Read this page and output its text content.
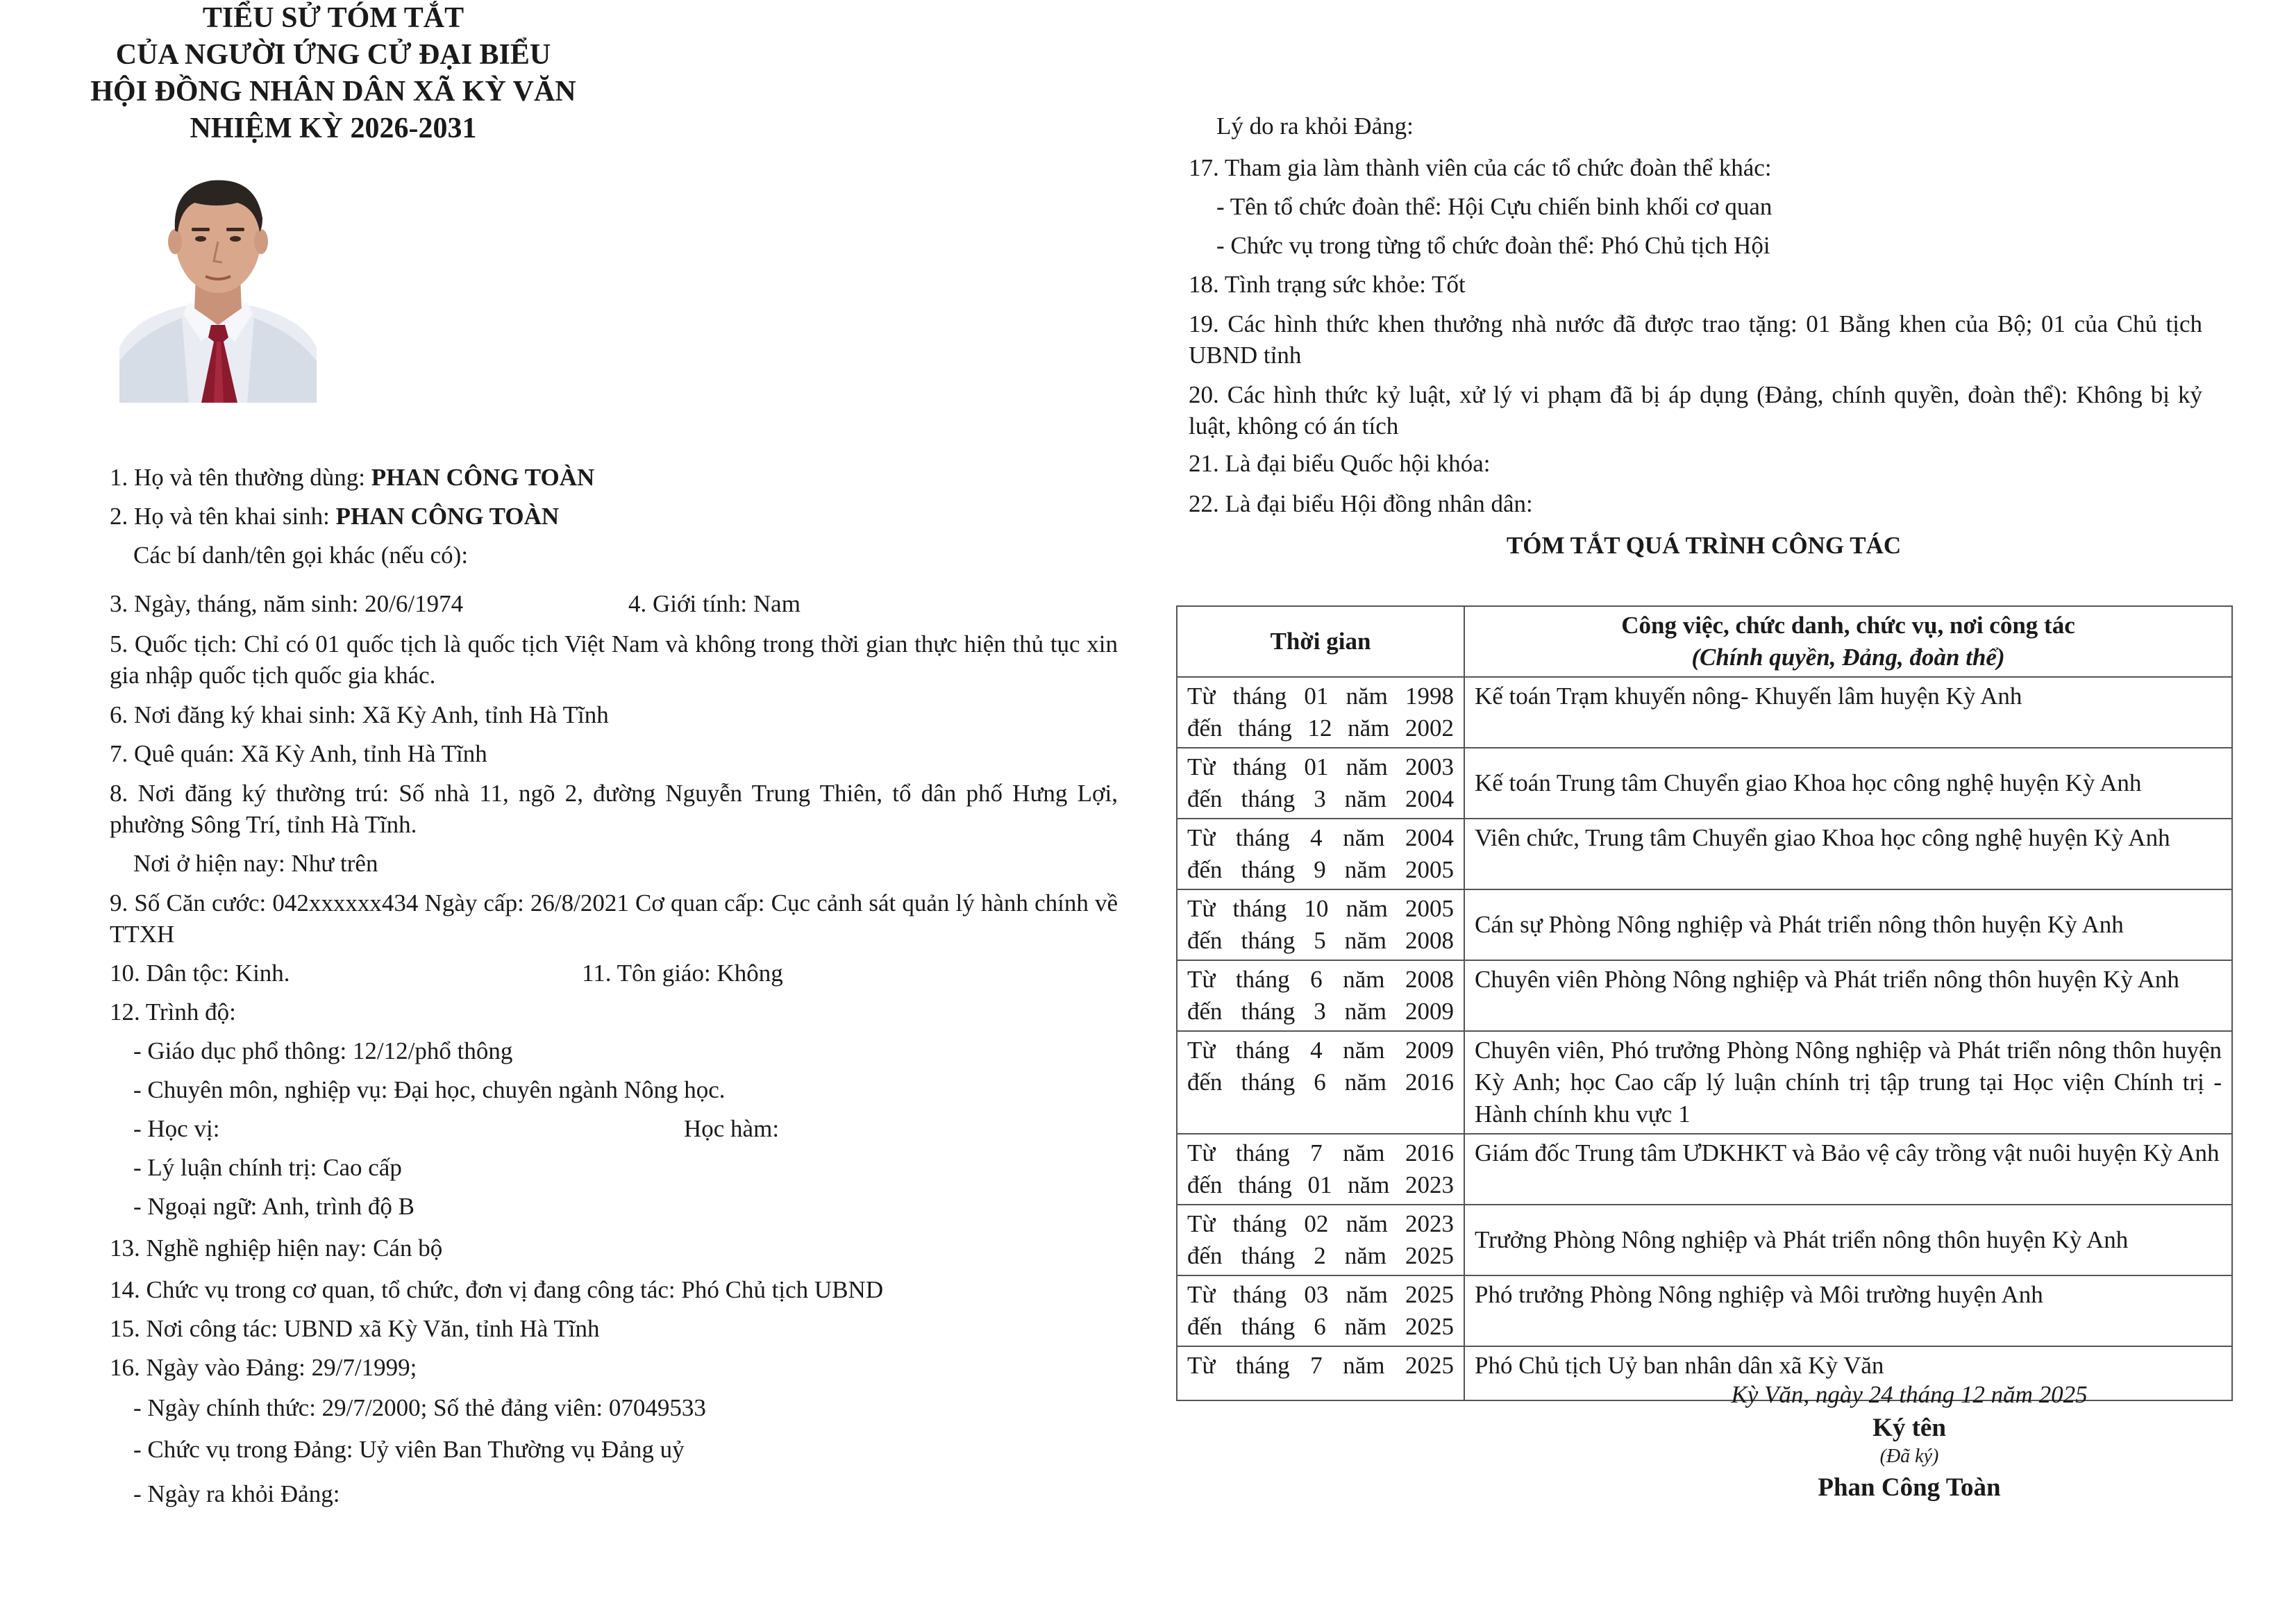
TIỂU SỬ TÓM TẮT
CỦA NGƯỜI ỨNG CỬ ĐẠI BIỂU
HỘI ĐỒNG NHÂN DÂN XÃ KỲ VĂN
NHIỆM KỲ 2026-2031
1. Họ và tên thường dùng: PHAN CÔNG TOÀN
2. Họ và tên khai sinh: PHAN CÔNG TOÀN
Các bí danh/tên gọi khác (nếu có):
3. Ngày, tháng, năm sinh: 20/6/1974	4. Giới tính: Nam
5. Quốc tịch: Chỉ có 01 quốc tịch là quốc tịch Việt Nam và không trong thời gian thực hiện thủ tục xin gia nhập quốc tịch quốc gia khác.
6. Nơi đăng ký khai sinh: Xã Kỳ Anh, tỉnh Hà Tĩnh
7. Quê quán: Xã Kỳ Anh, tỉnh Hà Tĩnh
8. Nơi đăng ký thường trú: Số nhà 11, ngõ 2, đường Nguyễn Trung Thiên, tổ dân phố Hưng Lợi, phường Sông Trí, tỉnh Hà Tĩnh.
Nơi ở hiện nay: Như trên
9. Số Căn cước: 042xxxxxx434 Ngày cấp: 26/8/2021 Cơ quan cấp: Cục cảnh sát quản lý hành chính về TTXH
10. Dân tộc: Kinh.	11. Tôn giáo: Không
12. Trình độ:
- Giáo dục phổ thông: 12/12/phổ thông
- Chuyên môn, nghiệp vụ: Đại học, chuyên ngành Nông học.
- Học vị:	Học hàm:
- Lý luận chính trị: Cao cấp
- Ngoại ngữ: Anh, trình độ B
13. Nghề nghiệp hiện nay: Cán bộ
14. Chức vụ trong cơ quan, tổ chức, đơn vị đang công tác: Phó Chủ tịch UBND
15. Nơi công tác: UBND xã Kỳ Văn, tỉnh Hà Tĩnh
16. Ngày vào Đảng: 29/7/1999;
- Ngày chính thức: 29/7/2000; Số thẻ đảng viên: 07049533
- Chức vụ trong Đảng: Uỷ viên Ban Thường vụ Đảng uỷ
- Ngày ra khỏi Đảng:
Lý do ra khỏi Đảng:
17. Tham gia làm thành viên của các tổ chức đoàn thể khác:
- Tên tổ chức đoàn thể: Hội Cựu chiến binh khối cơ quan
- Chức vụ trong từng tổ chức đoàn thể: Phó Chủ tịch Hội
18. Tình trạng sức khỏe: Tốt
19. Các hình thức khen thưởng nhà nước đã được trao tặng: 01 Bằng khen của Bộ; 01 của Chủ tịch UBND tỉnh
20. Các hình thức kỷ luật, xử lý vi phạm đã bị áp dụng (Đảng, chính quyền, đoàn thể): Không bị kỷ luật, không có án tích
21. Là đại biểu Quốc hội khóa:
22. Là đại biểu Hội đồng nhân dân:
TÓM TẮT QUÁ TRÌNH CÔNG TÁC
Thời gian	Công việc, chức danh, chức vụ, nơi công tác
(Chính quyền, Đảng, đoàn thể)

Từ tháng 01 năm 1998
đến tháng 12 năm 2002	Kế toán Trạm khuyến nông- Khuyến lâm huyện Kỳ Anh

Từ tháng 01 năm 2003
đến tháng 3 năm 2004	Kế toán Trung tâm Chuyển giao Khoa học công nghệ huyện Kỳ Anh

Từ tháng 4 năm 2004
đến tháng 9 năm 2005	Viên chức, Trung tâm Chuyển giao Khoa học công nghệ huyện Kỳ Anh

Từ tháng 10 năm 2005
đến tháng 5 năm 2008	Cán sự Phòng Nông nghiệp và Phát triển nông thôn huyện Kỳ Anh

Từ tháng 6 năm 2008
đến tháng 3 năm 2009	Chuyên viên Phòng Nông nghiệp và Phát triển nông thôn huyện Kỳ Anh

Từ tháng 4 năm 2009
đến tháng 6 năm 2016	Chuyên viên, Phó trưởng Phòng Nông nghiệp và Phát triển nông thôn huyện Kỳ Anh; học Cao cấp lý luận chính trị tập trung tại Học viện Chính trị - Hành chính khu vực 1

Từ tháng 7 năm 2016
đến tháng 01 năm 2023	Giám đốc Trung tâm ƯDKHKT và Bảo vệ cây trồng vật nuôi huyện Kỳ Anh

Từ tháng 02 năm 2023
đến tháng 2 năm 2025	Trưởng Phòng Nông nghiệp và Phát triển nông thôn huyện Kỳ Anh

Từ tháng 03 năm 2025
đến tháng 6 năm 2025	Phó trưởng Phòng Nông nghiệp và Môi trường huyện Anh

Từ tháng 7 năm 2025	Phó Chủ tịch Uỷ ban nhân dân xã Kỳ Văn
Kỳ Văn, ngày 24 tháng 12 năm 2025
Ký tên
(Đã ký)
Phan Công Toàn
